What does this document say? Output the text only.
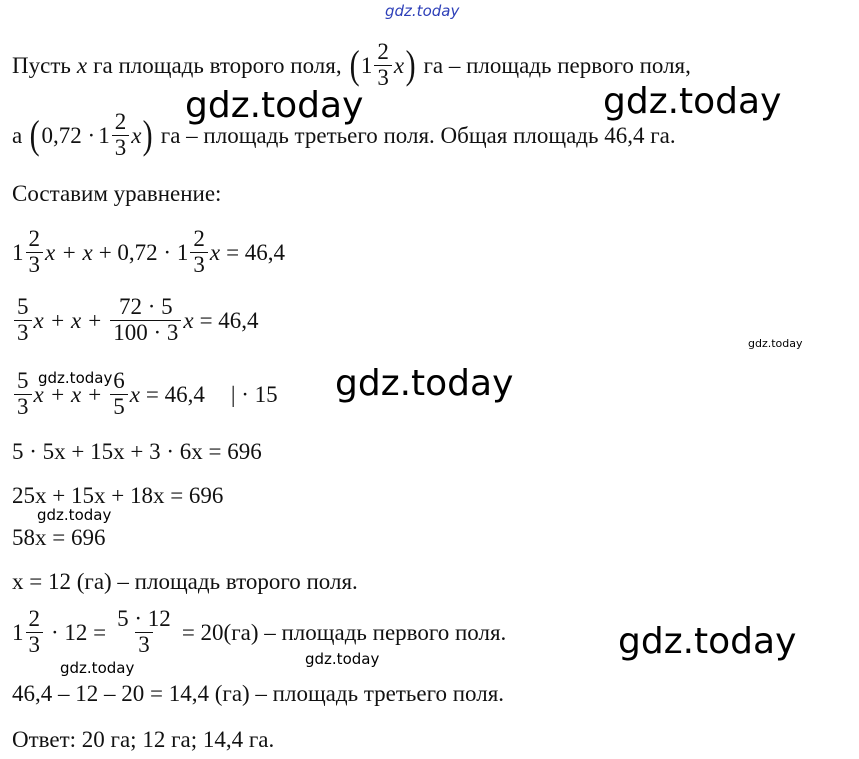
gdz.today
gdz.today	gdz.today
gdz.today
gdz.today	gdz.today
gdz.today
gdz.today
gdz.today	gdz.today
Пусть x га площадь второго поля, ( $1 \frac{2}{3}$ x ) га – площадь первого поля,
а ( $0,72 \cdot 1 \frac{2}{3}$ x ) га – площадь третьего поля. Общая площадь 46,4 га.
Составим уравнение:
$1 \frac{2}{3}$ $x + x + 0,72 \cdot 1 \frac{2}{3}$ x = 46,4
$\frac{5}{3}$ $x + x + \frac{72 \cdot 5}{100 \cdot 3}$ x = 46,4
$\frac{5}{3}$ $x + x + \frac{6}{5}$ x = 46,4 | · 15
5 · 5x + 15x + 3 · 6x = 696
25x + 15x + 18x = 696
58x = 696
x = 12 (га) – площадь второго поля.
$1 \frac{2}{3} \cdot 12 = \frac{5 \cdot 12}{3} = 20(га)$ – площадь первого поля.
46,4 – 12 – 20 = 14,4 (га) – площадь третьего поля.
Ответ: 20 га; 12 га; 14,4 га.
